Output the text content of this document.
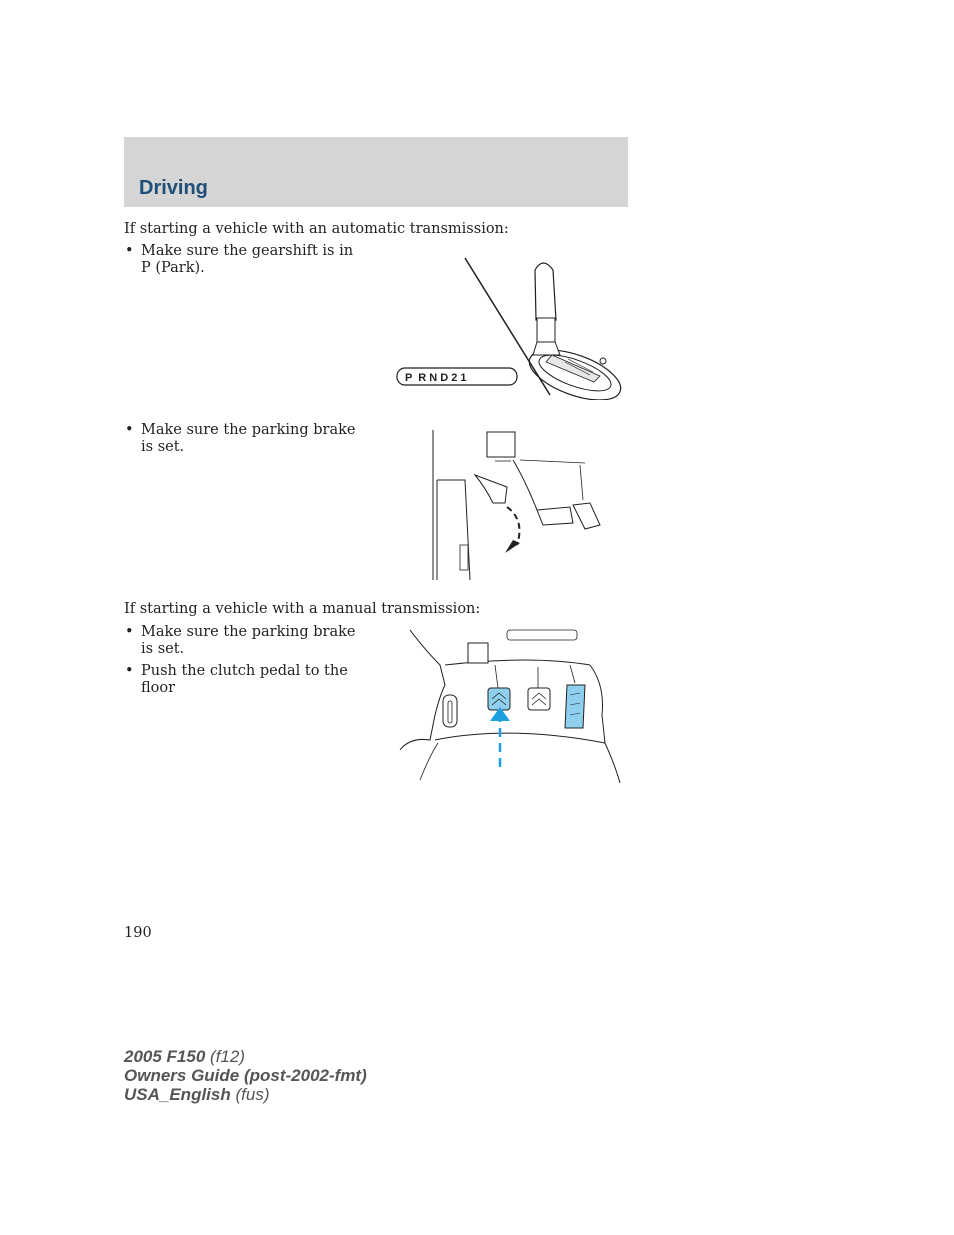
Driving
If starting a vehicle with an automatic transmission:
• Make sure the gearshift is in P (Park).
• Make sure the parking brake is set.
If starting a vehicle with a manual transmission:
• Make sure the parking brake is set.
• Push the clutch pedal to the floor
P  R N D 2 1
190
2005 F150 (f12)
Owners Guide (post-2002-fmt)
USA_English (fus)
